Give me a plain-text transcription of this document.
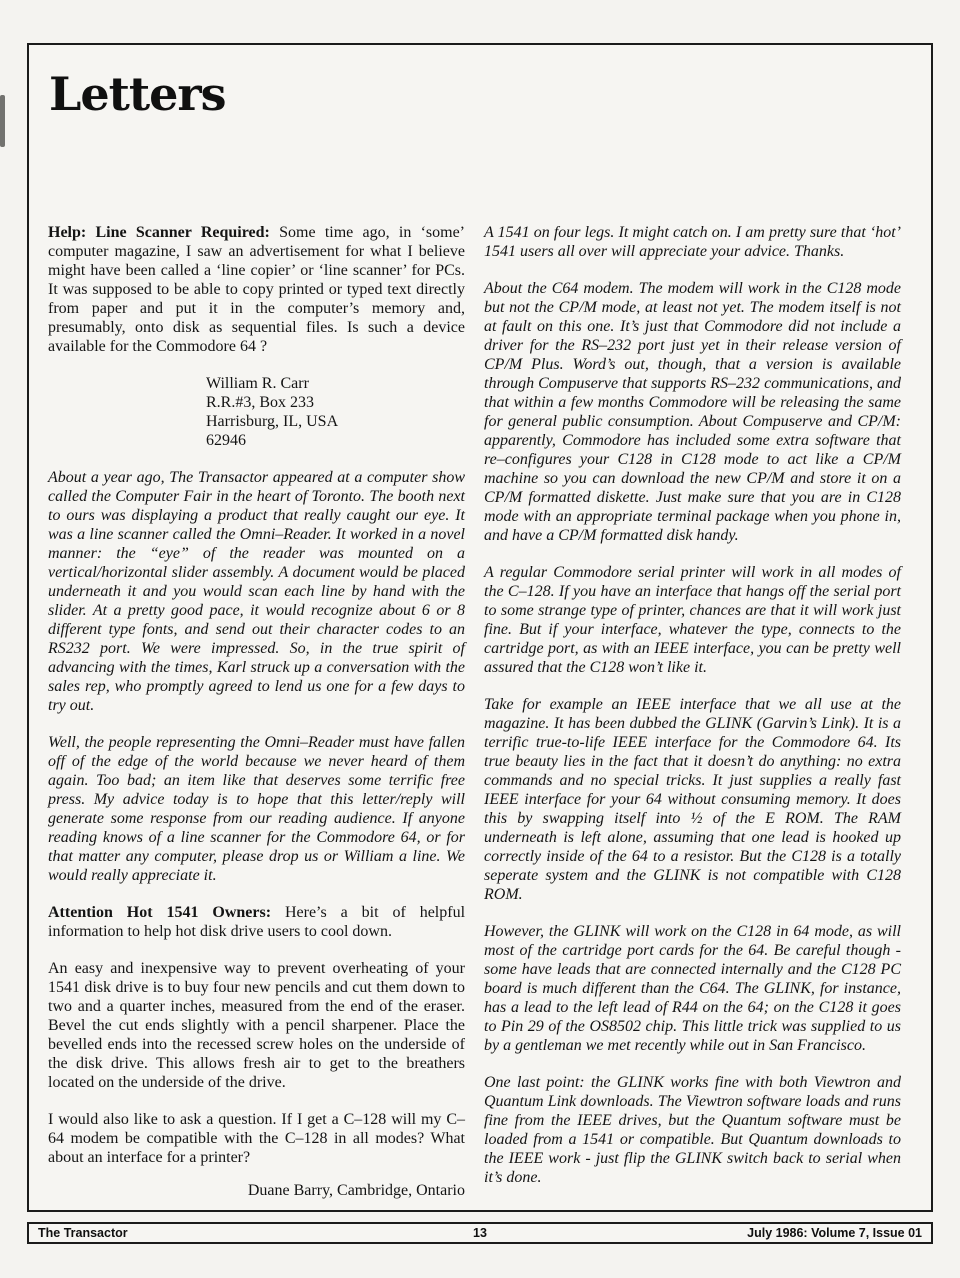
Letters

Help: Line Scanner Required: Some time ago, in ‘some’ computer magazine, I saw an advertisement for what I believe might have been called a ‘line copier’ or ‘line scanner’ for PCs. It was supposed to be able to copy printed or typed text directly from paper and put it in the computer’s memory and, presumably, onto disk as sequential files. Is such a device available for the Commodore 64 ?

William R. Carr
R.R.#3, Box 233
Harrisburg, IL, USA
62946

About a year ago, The Transactor appeared at a computer show called the Computer Fair in the heart of Toronto. The booth next to ours was displaying a product that really caught our eye. It was a line scanner called the Omni–Reader. It worked in a novel manner: the “eye” of the reader was mounted on a vertical/horizontal slider assembly. A document would be placed underneath it and you would scan each line by hand with the slider. At a pretty good pace, it would recognize about 6 or 8 different type fonts, and send out their character codes to an RS232 port. We were impressed. So, in the true spirit of advancing with the times, Karl struck up a conversation with the sales rep, who promptly agreed to lend us one for a few days to try out.

Well, the people representing the Omni–Reader must have fallen off of the edge of the world because we never heard of them again. Too bad; an item like that deserves some terrific free press. My advice today is to hope that this letter/reply will generate some response from our reading audience. If anyone reading knows of a line scanner for the Commodore 64, or for that matter any computer, please drop us or William a line. We would really appreciate it.

Attention Hot 1541 Owners: Here’s a bit of helpful information to help hot disk drive users to cool down.

An easy and inexpensive way to prevent overheating of your 1541 disk drive is to buy four new pencils and cut them down to two and a quarter inches, measured from the end of the eraser. Bevel the cut ends slightly with a pencil sharpener. Place the bevelled ends into the recessed screw holes on the underside of the disk drive. This allows fresh air to get to the breathers located on the underside of the drive.

I would also like to ask a question. If I get a C–128 will my C–64 modem be compatible with the C–128 in all modes? What about an interface for a printer?

Duane Barry, Cambridge, Ontario

A 1541 on four legs. It might catch on. I am pretty sure that ‘hot’ 1541 users all over will appreciate your advice. Thanks.

About the C64 modem. The modem will work in the C128 mode but not the CP/M mode, at least not yet. The modem itself is not at fault on this one. It’s just that Commodore did not include a driver for the RS–232 port just yet in their release version of CP/M Plus. Word’s out, though, that a version is available through Compuserve that supports RS–232 communications, and that within a few months Commodore will be releasing the same for general public consumption. About Compuserve and CP/M: apparently, Commodore has included some extra software that re–configures your C128 in C128 mode to act like a CP/M machine so you can download the new CP/M and store it on a CP/M formatted diskette. Just make sure that you are in C128 mode with an appropriate terminal package when you phone in, and have a CP/M formatted disk handy.

A regular Commodore serial printer will work in all modes of the C–128. If you have an interface that hangs off the serial port to some strange type of printer, chances are that it will work just fine. But if your interface, whatever the type, connects to the cartridge port, as with an IEEE interface, you can be pretty well assured that the C128 won’t like it.

Take for example an IEEE interface that we all use at the magazine. It has been dubbed the GLINK (Garvin’s Link). It is a terrific true-to-life IEEE interface for the Commodore 64. Its true beauty lies in the fact that it doesn’t do anything: no extra commands and no special tricks. It just supplies a really fast IEEE interface for your 64 without consuming memory. It does this by swapping itself into ½ of the E ROM. The RAM underneath is left alone, assuming that one lead is hooked up correctly inside of the 64 to a resistor. But the C128 is a totally seperate system and the GLINK is not compatible with C128 ROM.

However, the GLINK will work on the C128 in 64 mode, as will most of the cartridge port cards for the 64. Be careful though - some have leads that are connected internally and the C128 PC board is much different than the C64. The GLINK, for instance, has a lead to the left lead of R44 on the 64; on the C128 it goes to Pin 29 of the OS8502 chip. This little trick was supplied to us by a gentleman we met recently while out in San Francisco.

One last point: the GLINK works fine with both Viewtron and Quantum Link downloads. The Viewtron software loads and runs fine from the IEEE drives, but the Quantum software must be loaded from a 1541 or compatible. But Quantum downloads to the IEEE work - just flip the GLINK switch back to serial when it’s done.

The Transactor	13	July 1986: Volume 7, Issue 01
